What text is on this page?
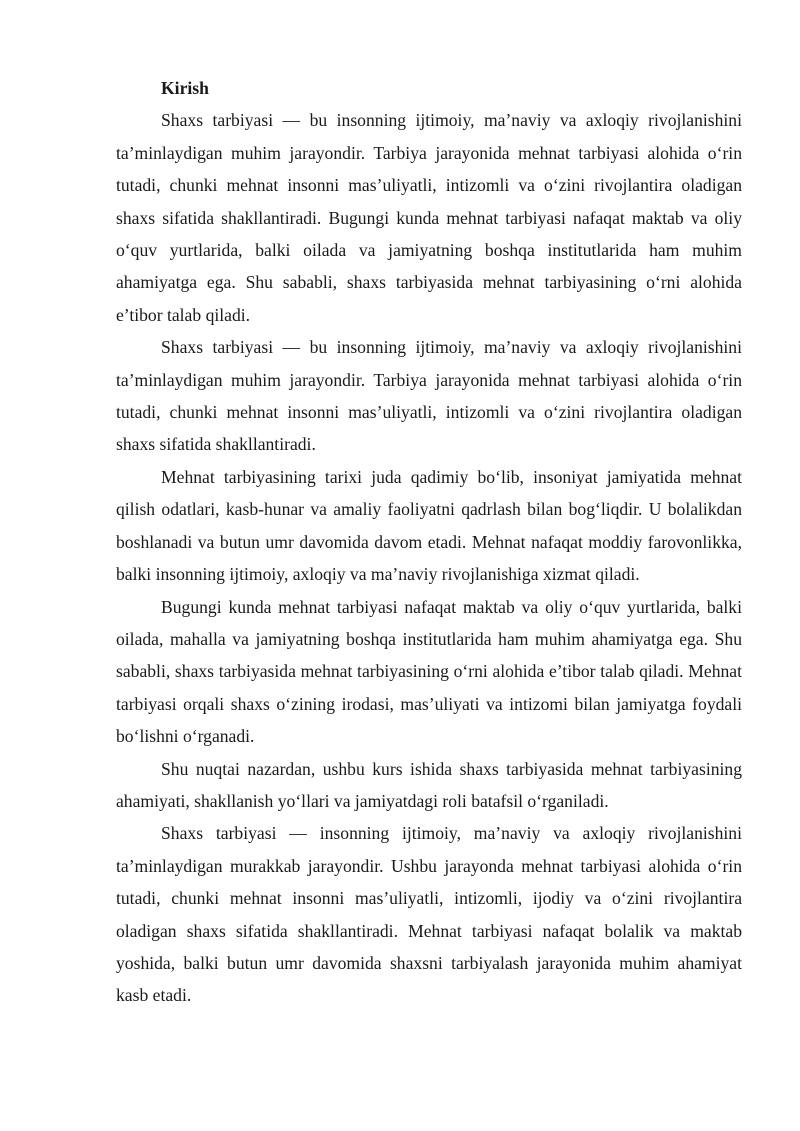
Kirish

Shaxs tarbiyasi — bu insonning ijtimoiy, ma’naviy va axloqiy rivojlanishini ta’minlaydigan muhim jarayondir. Tarbiya jarayonida mehnat tarbiyasi alohida o‘rin tutadi, chunki mehnat insonni mas’uliyatli, intizomli va o‘zini rivojlantira oladigan shaxs sifatida shakllantiradi. Bugungi kunda mehnat tarbiyasi nafaqat maktab va oliy o‘quv yurtlarida, balki oilada va jamiyatning boshqa institutlarida ham muhim ahamiyatga ega. Shu sababli, shaxs tarbiyasida mehnat tarbiyasining o‘rni alohida e’tibor talab qiladi.

Shaxs tarbiyasi — bu insonning ijtimoiy, ma’naviy va axloqiy rivojlanishini ta’minlaydigan muhim jarayondir. Tarbiya jarayonida mehnat tarbiyasi alohida o‘rin tutadi, chunki mehnat insonni mas’uliyatli, intizomli va o‘zini rivojlantira oladigan shaxs sifatida shakllantiradi.

Mehnat tarbiyasining tarixi juda qadimiy bo‘lib, insoniyat jamiyatida mehnat qilish odatlari, kasb-hunar va amaliy faoliyatni qadrlash bilan bog‘liqdir. U bolalikdan boshlanadi va butun umr davomida davom etadi. Mehnat nafaqat moddiy farovonlikka, balki insonning ijtimoiy, axloqiy va ma’naviy rivojlanishiga xizmat qiladi.

Bugungi kunda mehnat tarbiyasi nafaqat maktab va oliy o‘quv yurtlarida, balki oilada, mahalla va jamiyatning boshqa institutlarida ham muhim ahamiyatga ega. Shu sababli, shaxs tarbiyasida mehnat tarbiyasining o‘rni alohida e’tibor talab qiladi. Mehnat tarbiyasi orqali shaxs o‘zining irodasi, mas’uliyati va intizomi bilan jamiyatga foydali bo‘lishni o‘rganadi.

Shu nuqtai nazardan, ushbu kurs ishida shaxs tarbiyasida mehnat tarbiyasining ahamiyati, shakllanish yo‘llari va jamiyatdagi roli batafsil o‘rganiladi.

Shaxs tarbiyasi — insonning ijtimoiy, ma’naviy va axloqiy rivojlanishini ta’minlaydigan murakkab jarayondir. Ushbu jarayonda mehnat tarbiyasi alohida o‘rin tutadi, chunki mehnat insonni mas’uliyatli, intizomli, ijodiy va o‘zini rivojlantira oladigan shaxs sifatida shakllantiradi. Mehnat tarbiyasi nafaqat bolalik va maktab yoshida, balki butun umr davomida shaxsni tarbiyalash jarayonida muhim ahamiyat kasb etadi.
